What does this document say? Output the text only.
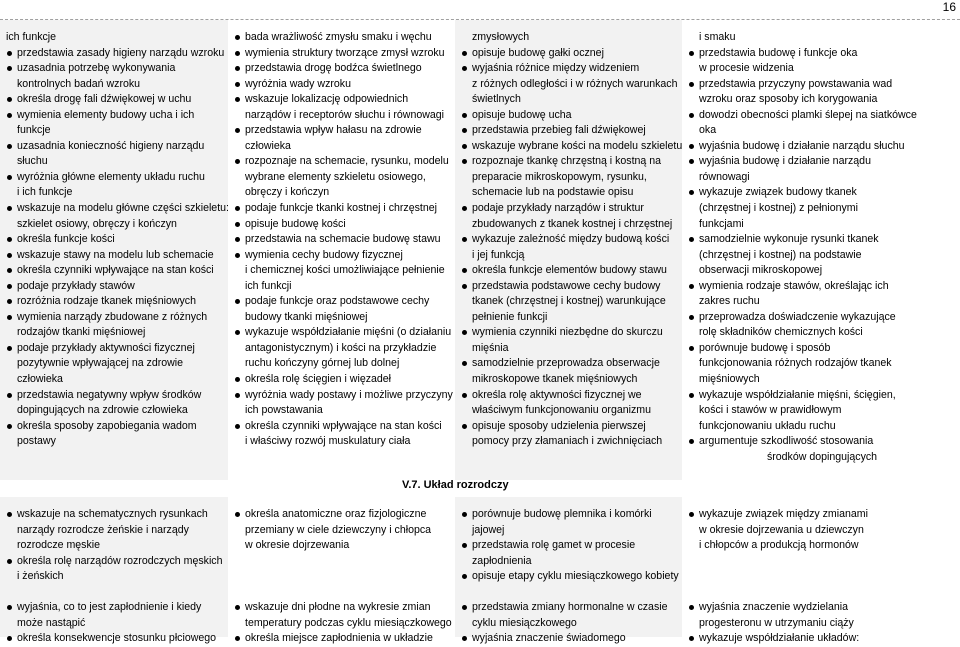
16
ich funkcje
przedstawia zasady higieny narządu wzroku
uzasadnia potrzebę wykonywania
kontrolnych badań wzroku
określa drogę fali dźwiękowej w uchu
wymienia elementy budowy ucha i ich
funkcje
uzasadnia konieczność higieny narządu
słuchu
wyróżnia główne elementy układu ruchu
i ich funkcje
wskazuje na modelu główne części szkieletu:
szkielet osiowy, obręczy i kończyn
określa funkcje kości
wskazuje stawy na modelu lub schemacie
określa czynniki wpływające na stan kości
podaje przykłady stawów
rozróżnia rodzaje tkanek mięśniowych
wymienia narządy zbudowane z różnych
rodzajów tkanki mięśniowej
podaje przykłady aktywności fizycznej
pozytywnie wpływającej na zdrowie
człowieka
przedstawia negatywny wpływ środków
dopingujących na zdrowie człowieka
określa sposoby zapobiegania wadom
postawy
bada wrażliwość zmysłu smaku i węchu
wymienia struktury tworzące zmysł wzroku
przedstawia drogę bodźca świetlnego
wyróżnia wady wzroku
wskazuje lokalizację odpowiednich
narządów i receptorów słuchu i równowagi
przedstawia wpływ hałasu na zdrowie
człowieka
rozpoznaje na schemacie, rysunku, modelu
wybrane elementy szkieletu osiowego,
obręczy i kończyn
podaje funkcje tkanki kostnej i chrzęstnej
opisuje budowę kości
przedstawia na schemacie budowę stawu
wymienia cechy budowy fizycznej
i chemicznej kości umożliwiające pełnienie
ich funkcji
podaje funkcje oraz podstawowe cechy
budowy tkanki mięśniowej
wykazuje współdziałanie mięśni (o działaniu
antagonistycznym) i kości na przykładzie
ruchu kończyny górnej lub dolnej
określa rolę ścięgien i więzadeł
wyróżnia wady postawy i możliwe przyczyny
ich powstawania
określa czynniki wpływające na stan kości
i właściwy rozwój muskulatury ciała
zmysłowych
opisuje budowę gałki ocznej
wyjaśnia różnice między widzeniem
z różnych odległości i w różnych warunkach
świetlnych
opisuje budowę ucha
przedstawia przebieg fali dźwiękowej
wskazuje wybrane kości na modelu szkieletu
rozpoznaje tkankę chrzęstną i kostną na
preparacie mikroskopowym, rysunku,
schemacie lub na podstawie opisu
podaje przykłady narządów i struktur
zbudowanych z tkanek kostnej i chrzęstnej
wykazuje zależność między budową kości
i jej funkcją
określa funkcje elementów budowy stawu
przedstawia podstawowe cechy budowy
tkanek (chrzęstnej i kostnej) warunkujące
pełnienie funkcji
wymienia czynniki niezbędne do skurczu
mięśnia
samodzielnie przeprowadza obserwacje
mikroskopowe tkanek mięśniowych
określa rolę aktywności fizycznej we
właściwym funkcjonowaniu organizmu
opisuje sposoby udzielenia pierwszej
pomocy przy złamaniach i zwichnięciach
i smaku
przedstawia budowę i funkcje oka
w procesie widzenia
przedstawia przyczyny powstawania wad
wzroku oraz sposoby ich korygowania
dowodzi obecności plamki ślepej na siatkówce
oka
wyjaśnia budowę i działanie narządu słuchu
wyjaśnia budowę i działanie narządu
równowagi
wykazuje związek budowy tkanek
(chrzęstnej i kostnej) z pełnionymi
funkcjami
samodzielnie wykonuje rysunki tkanek
(chrzęstnej i kostnej) na podstawie
obserwacji mikroskopowej
wymienia rodzaje stawów, określając ich
zakres ruchu
przeprowadza doświadczenie wykazujące
rolę składników chemicznych kości
porównuje budowę i sposób
funkcjonowania różnych rodzajów tkanek
mięśniowych
wykazuje współdziałanie mięśni, ścięgien,
kości i stawów w prawidłowym
funkcjonowaniu układu ruchu
argumentuje szkodliwość stosowania
środków dopingujących
V.7. Układ rozrodczy
wskazuje na schematycznych rysunkach
narządy rozrodcze żeńskie i narządy
rozrodcze męskie
określa rolę narządów rozrodczych męskich
i żeńskich

wyjaśnia, co to jest zapłodnienie i kiedy
może nastąpić
określa konsekwencje stosunku płciowego
określa anatomiczne oraz fizjologiczne
przemiany w ciele dziewczyny i chłopca
w okresie dojrzewania

wskazuje dni płodne na wykresie zmian
temperatury podczas cyklu miesiączkowego
określa miejsce zapłodnienia w układzie
porównuje budowę plemnika i komórki
jajowej
przedstawia rolę gamet w procesie
zapłodnienia
opisuje etapy cyklu miesiączkowego kobiety

przedstawia zmiany hormonalne w czasie
cyklu miesiączkowego
wyjaśnia znaczenie świadomego
wykazuje związek między zmianami
w okresie dojrzewania u dziewczyn
i chłopców a produkcją hormonów

wyjaśnia znaczenie wydzielania
progesteronu w utrzymaniu ciąży
wykazuje współdziałanie układów:
